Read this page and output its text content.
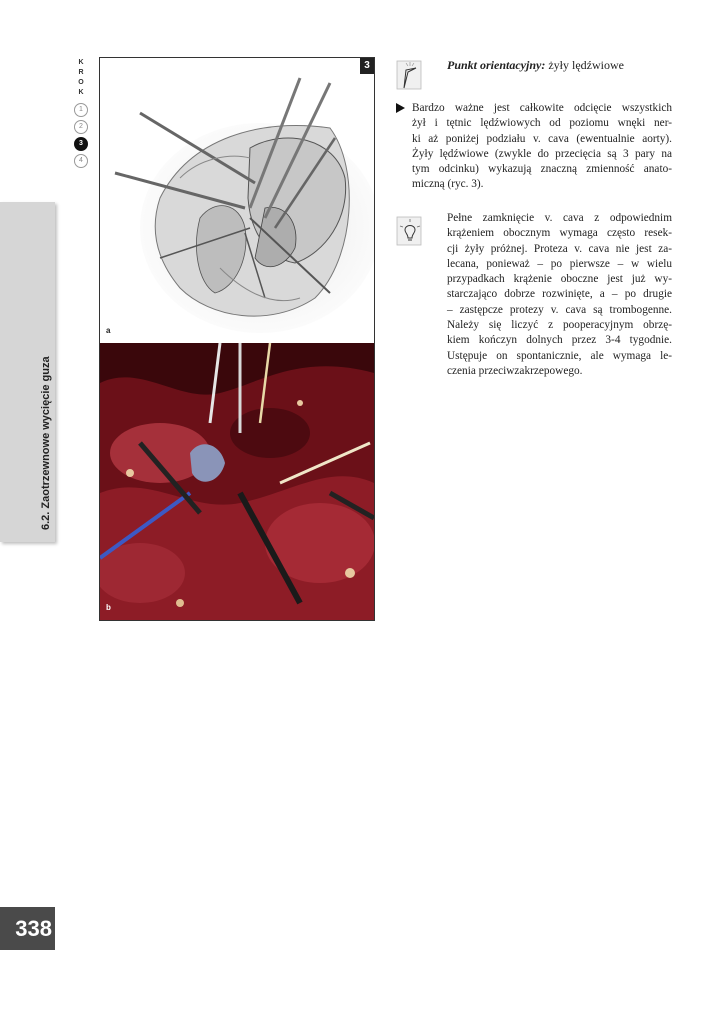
K
R
O
K
1
2
3
4
6.2. Zaotrzewnowe wycięcie guza
338
a
b
3	Punkt orientacyjny: żyły lędźwiowe
Bardzo ważne jest całkowite odcięcie wszystkich
żył i tętnic lędźwiowych od poziomu wnęki ner-
ki aż poniżej podziału v. cava (ewentualnie aorty).
Żyły lędźwiowe (zwykle do przecięcia są 3 pary na
tym odcinku) wykazują znaczną zmienność anato-
miczną (ryc. 3).
Pełne zamknięcie v. cava z odpowiednim
krążeniem obocznym wymaga często resek-
cji żyły próżnej. Proteza v. cava nie jest za-
lecana, ponieważ – po pierwsze – w wielu
przypadkach krążenie oboczne jest już wy-
starczająco dobrze rozwinięte, a – po drugie
– zastępcze protezy v. cava są trombogenne.
Należy się liczyć z pooperacyjnym obrzę-
kiem kończyn dolnych przez 3-4 tygodnie.
Ustępuje on spontanicznie, ale wymaga le-
czenia przeciwzakrzepowego.
